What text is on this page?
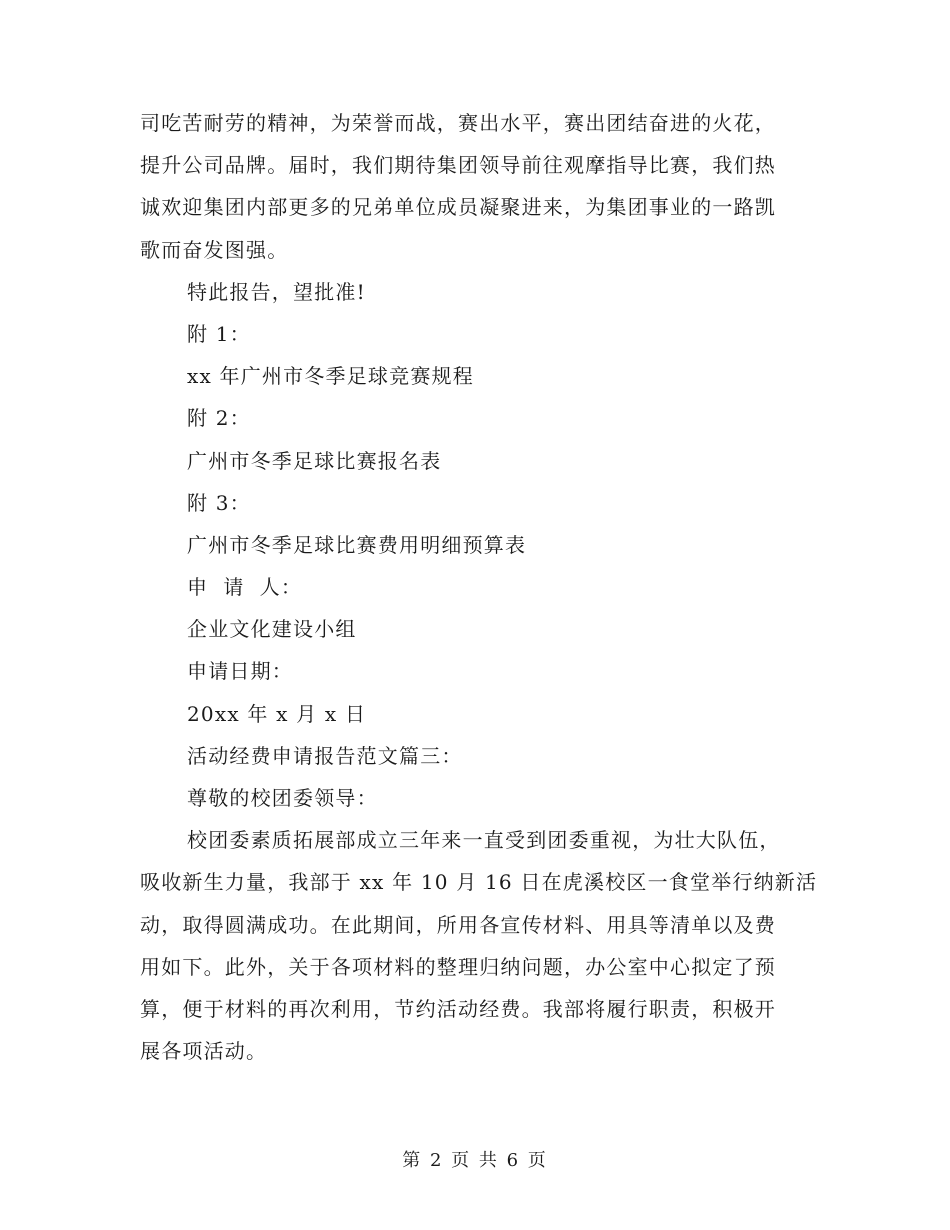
司吃苦耐劳的精神，为荣誉而战，赛出水平，赛出团结奋进的火花，
提升公司品牌。届时，我们期待集团领导前往观摩指导比赛，我们热
诚欢迎集团内部更多的兄弟单位成员凝聚进来，为集团事业的一路凯
歌而奋发图强。
特此报告，望批准!
附 1：
xx 年广州市冬季足球竞赛规程
附 2：
广州市冬季足球比赛报名表
附 3：
广州市冬季足球比赛费用明细预算表
申  请  人：
企业文化建设小组
申请日期：
20xx 年 x 月 x 日
活动经费申请报告范文篇三：
尊敬的校团委领导：
校团委素质拓展部成立三年来一直受到团委重视，为壮大队伍，
吸收新生力量，我部于 xx 年 10 月 16 日在虎溪校区一食堂举行纳新活
动，取得圆满成功。在此期间，所用各宣传材料、用具等清单以及费
用如下。此外，关于各项材料的整理归纳问题，办公室中心拟定了预
算，便于材料的再次利用，节约活动经费。我部将履行职责，积极开
展各项活动。
第 2 页 共 6 页
